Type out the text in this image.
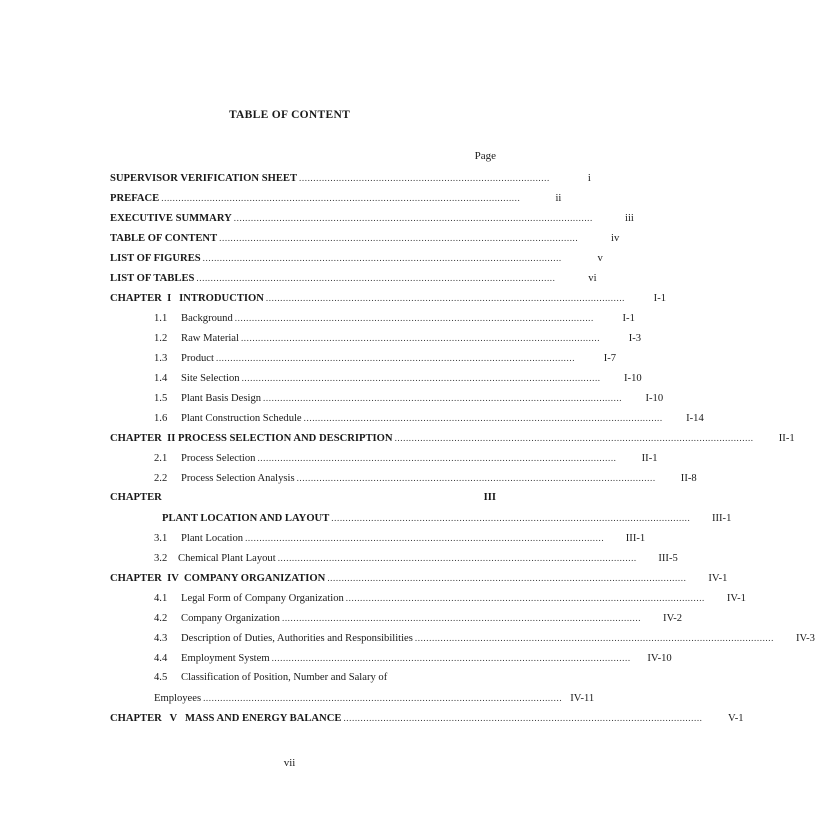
TABLE OF CONTENT
Page
SUPERVISOR VERIFICATION SHEET ........................................................................................	i
PREFACE ..............................................................................................................................	ii
EXECUTIVE SUMMARY ..............................................................................................................................	iii
TABLE OF CONTENT ..............................................................................................................................	iv
LIST OF FIGURES ..............................................................................................................................	v
LIST OF TABLES ..............................................................................................................................	vi
CHAPTER  I   INTRODUCTION ..............................................................................................................................	I-1
1.1 Background ..............................................................................................................................	I-1
1.2 Raw Material ..............................................................................................................................	I-3
1.3 Product ..............................................................................................................................	I-7
1.4 Site Selection ..............................................................................................................................	I-10
1.5 Plant Basis Design ..............................................................................................................................	I-10
1.6 Plant Construction Schedule ..............................................................................................................................	I-14
CHAPTER  II PROCESS SELECTION AND DESCRIPTION ..............................................................................................................................	II-1
2.1 Process Selection ..............................................................................................................................	II-1
2.2 Process Selection Analysis ..............................................................................................................................	II-8
CHAPTER	III
PLANT LOCATION AND LAYOUT ..............................................................................................................................	III-1
3.1 Plant Location ..............................................................................................................................	III-1
3.2 Chemical Plant Layout ..............................................................................................................................	III-5
CHAPTER  IV  COMPANY ORGANIZATION ..............................................................................................................................	IV-1
4.1 Legal Form of Company Organization ..............................................................................................................................	IV-1
4.2 Company Organization ..............................................................................................................................	IV-2
4.3 Description of Duties, Authorities and Responsibilities ..............................................................................................................................	IV-3
4.4 Employment System ..............................................................................................................................	IV-10
4.5 Classification of Position, Number and Salary of
Employees .............................................................................................................................. IV-11
CHAPTER   V   MASS AND ENERGY BALANCE ..............................................................................................................................	V-1
vii
